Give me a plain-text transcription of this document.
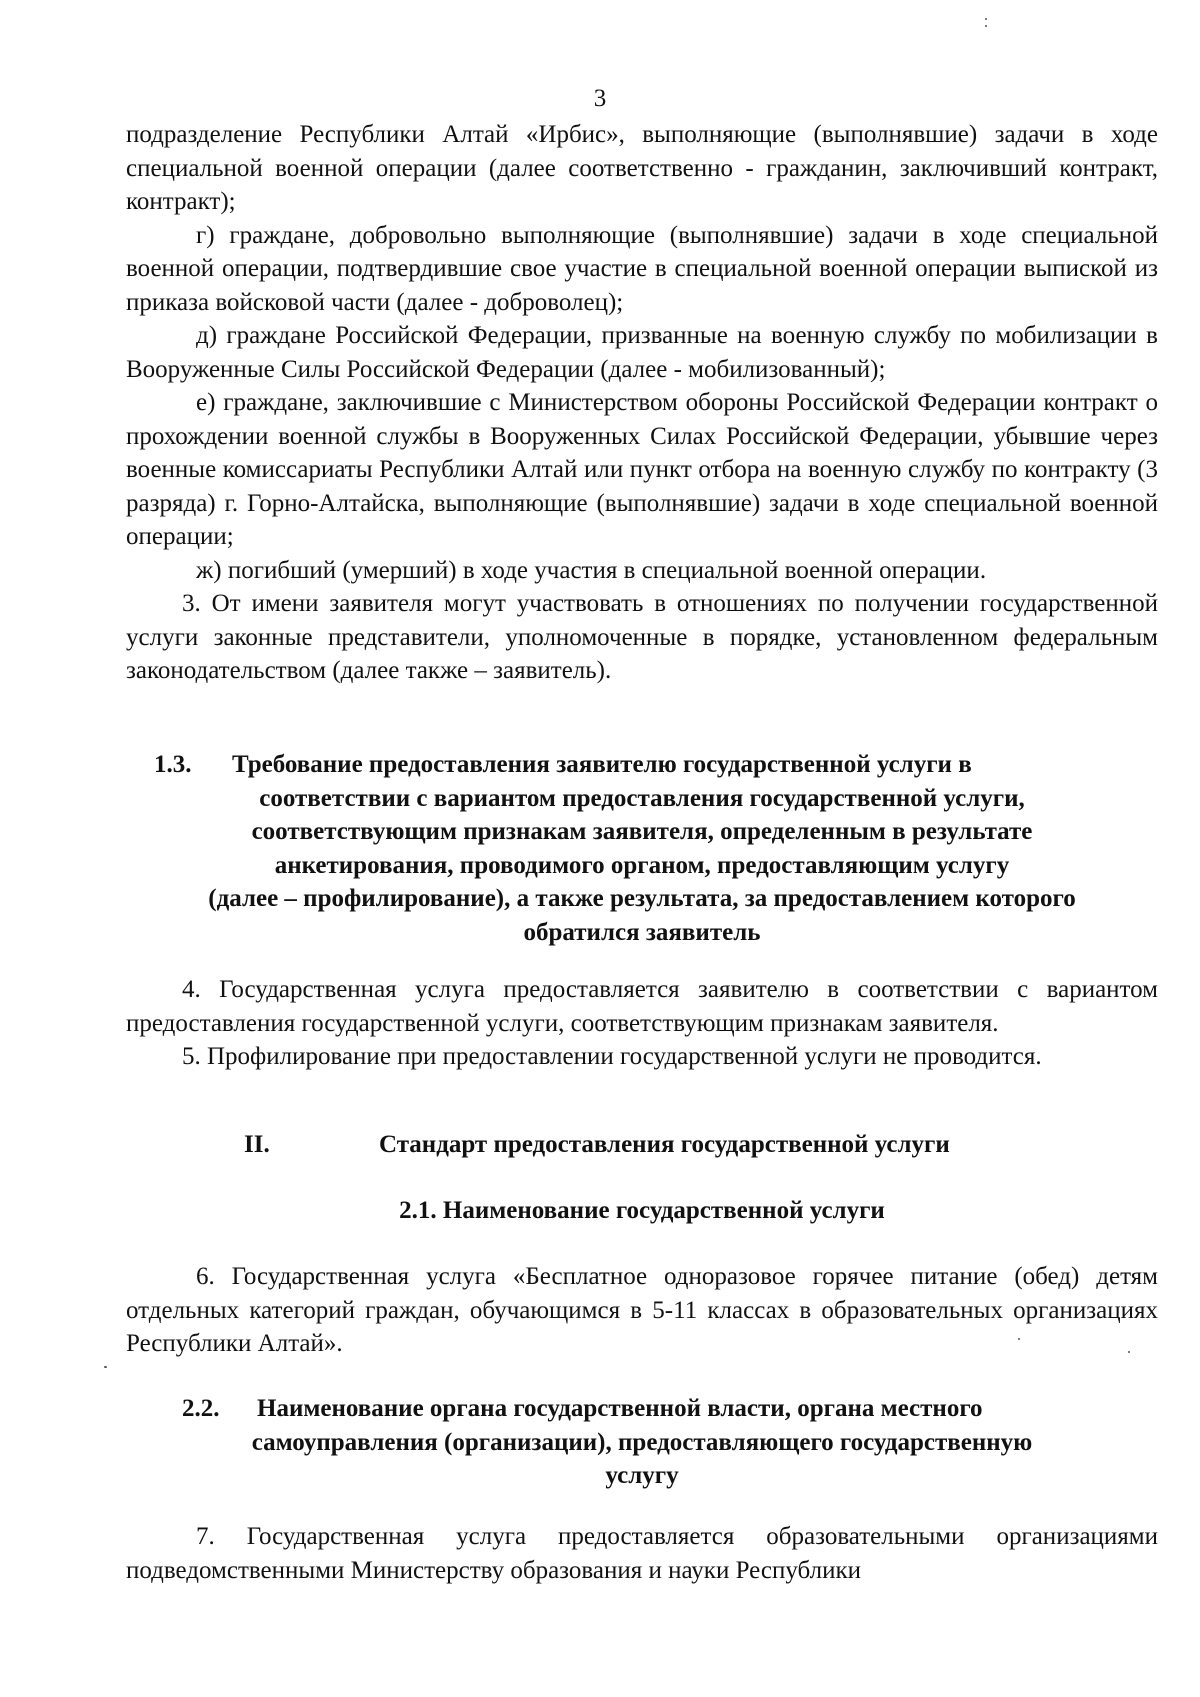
3

подразделение Республики Алтай «Ирбис», выполняющие (выполнявшие) задачи в ходе специальной военной операции (далее соответственно - гражданин, заключивший контракт, контракт);

г) граждане, добровольно выполняющие (выполнявшие) задачи в ходе специальной военной операции, подтвердившие свое участие в специальной военной операции выпиской из приказа войсковой части (далее - доброволец);

д) граждане Российской Федерации, призванные на военную службу по мобилизации в Вооруженные Силы Российской Федерации (далее - мобилизованный);

е) граждане, заключившие с Министерством обороны Российской Федерации контракт о прохождении военной службы в Вооруженных Силах Российской Федерации, убывшие через военные комиссариаты Республики Алтай или пункт отбора на военную службу по контракту (3 разряда) г. Горно-Алтайска, выполняющие (выполнявшие) задачи в ходе специальной военной операции;

ж) погибший (умерший) в ходе участия в специальной военной операции.

3. От имени заявителя могут участвовать в отношениях по получении государственной услуги законные представители, уполномоченные в порядке, установленном федеральным законодательством (далее также – заявитель).

1.3. Требование предоставления заявителю государственной услуги в
соответствии с вариантом предоставления государственной услуги,
соответствующим признакам заявителя, определенным в результате
анкетирования, проводимого органом, предоставляющим услугу
(далее – профилирование), а также результата, за предоставлением которого
обратился заявитель

4. Государственная услуга предоставляется заявителю в соответствии с вариантом предоставления государственной услуги, соответствующим признакам заявителя.

5. Профилирование при предоставлении государственной услуги не проводится.

II.	Стандарт предоставления государственной услуги
2.1. Наименование государственной услуги

6. Государственная услуга «Бесплатное одноразовое горячее питание (обед) детям отдельных категорий граждан, обучающимся в 5-11 классах в образовательных организациях Республики Алтай».

2.2. Наименование органа государственной власти, органа местного
самоуправления (организации), предоставляющего государственную
услугу

7. Государственная услуга предоставляется образовательными организациями подведомственными Министерству образования и науки Республики
